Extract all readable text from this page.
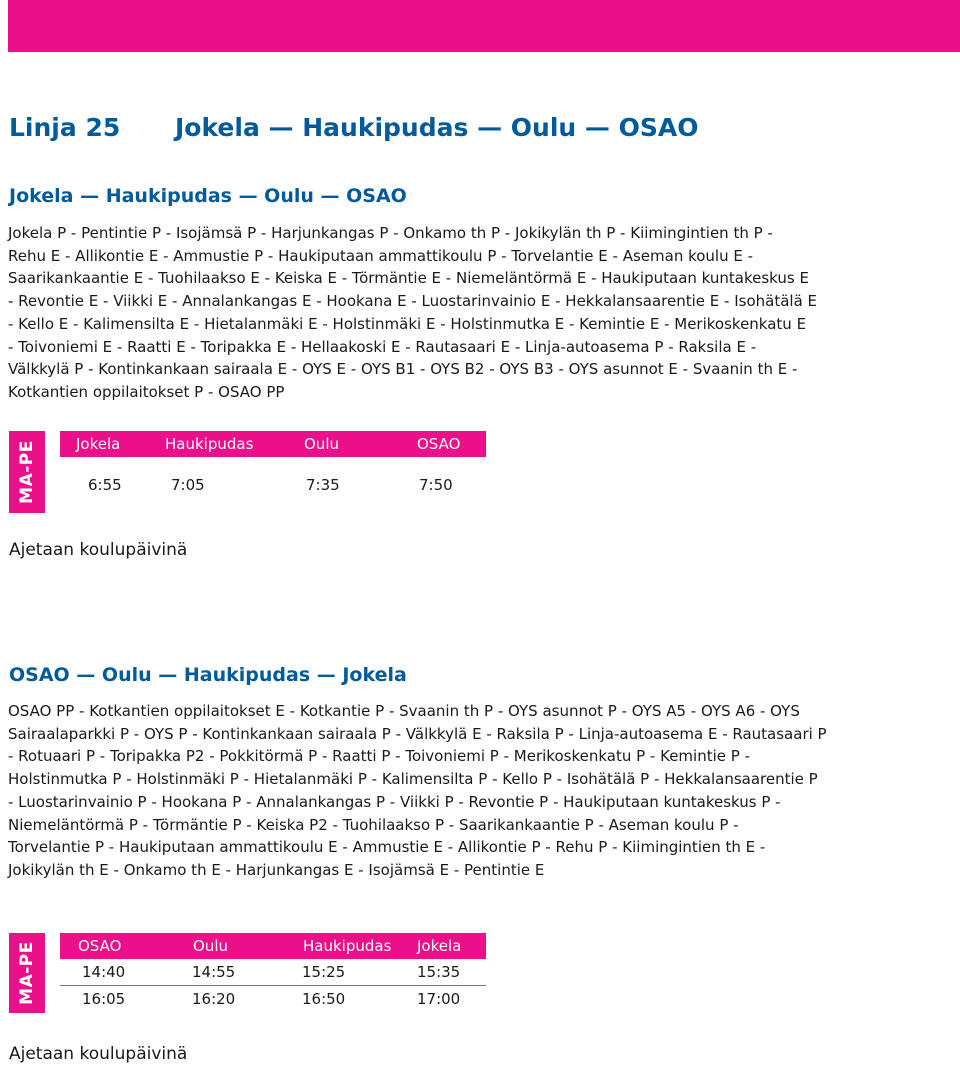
Linja 25 Jokela — Haukipudas — Oulu — OSAO
Jokela — Haukipudas — Oulu — OSAO

Jokela P - Pentintie P - Isojämsä P - Harjunkangas P - Onkamo th P - Jokikylän th P - Kiimingintien th P -

Rehu E - Allikontie E - Ammustie P - Haukiputaan ammattikoulu P - Torvelantie E - Aseman koulu E -

Saarikankaantie E - Tuohilaakso E - Keiska E - Törmäntie E - Niemeläntörmä E - Haukiputaan kuntakeskus E

- Revontie E - Viikki E - Annalankangas E - Hookana E - Luostarinvainio E - Hekkalansaarentie E - Isohätälä E

- Kello E - Kalimensilta E - Hietalanmäki E - Holstinmäki E - Holstinmutka E - Kemintie E - Merikoskenkatu E

- Toivoniemi E - Raatti E - Toripakka E - Hellaakoski E - Rautasaari E - Linja-autoasema P - Raksila E -

Välkkylä P - Kontinkankaan sairaala E - OYS E - OYS B1 - OYS B2 - OYS B3 - OYS asunnot E - Svaanin th E -

Kotkantien oppilaitokset P - OSAO PP

MA-PE

	Jokela	Haukipudas	Oulu	OSAO

	6:55	7:05	7:35	7:50
Ajetaan koulupäivinä
OSAO — Oulu — Haukipudas — Jokela

OSAO PP - Kotkantien oppilaitokset E - Kotkantie P - Svaanin th P - OYS asunnot P - OYS A5 - OYS A6 - OYS

Sairaalaparkki P - OYS P - Kontinkankaan sairaala P - Välkkylä E - Raksila P - Linja-autoasema E - Rautasaari P

- Rotuaari P - Toripakka P2 - Pokkitörmä P - Raatti P - Toivoniemi P - Merikoskenkatu P - Kemintie P -

Holstinmutka P - Holstinmäki P - Hietalanmäki P - Kalimensilta P - Kello P - Isohätälä P - Hekkalansaarentie P

- Luostarinvainio P - Hookana P - Annalankangas P - Viikki P - Revontie P - Haukiputaan kuntakeskus P -

Niemeläntörmä P - Törmäntie P - Keiska P2 - Tuohilaakso P - Saarikankaantie P - Aseman koulu P -

Torvelantie P - Haukiputaan ammattikoulu E - Ammustie E - Allikontie P - Rehu P - Kiimingintien th E -

Jokikylän th E - Onkamo th E - Harjunkangas E - Isojämsä E - Pentintie E

MA-PE

	OSAO	Oulu	Haukipudas	Jokela

	14:40	14:55	15:25	15:35

	16:05	16:20	16:50	17:00
Ajetaan koulupäivinä
